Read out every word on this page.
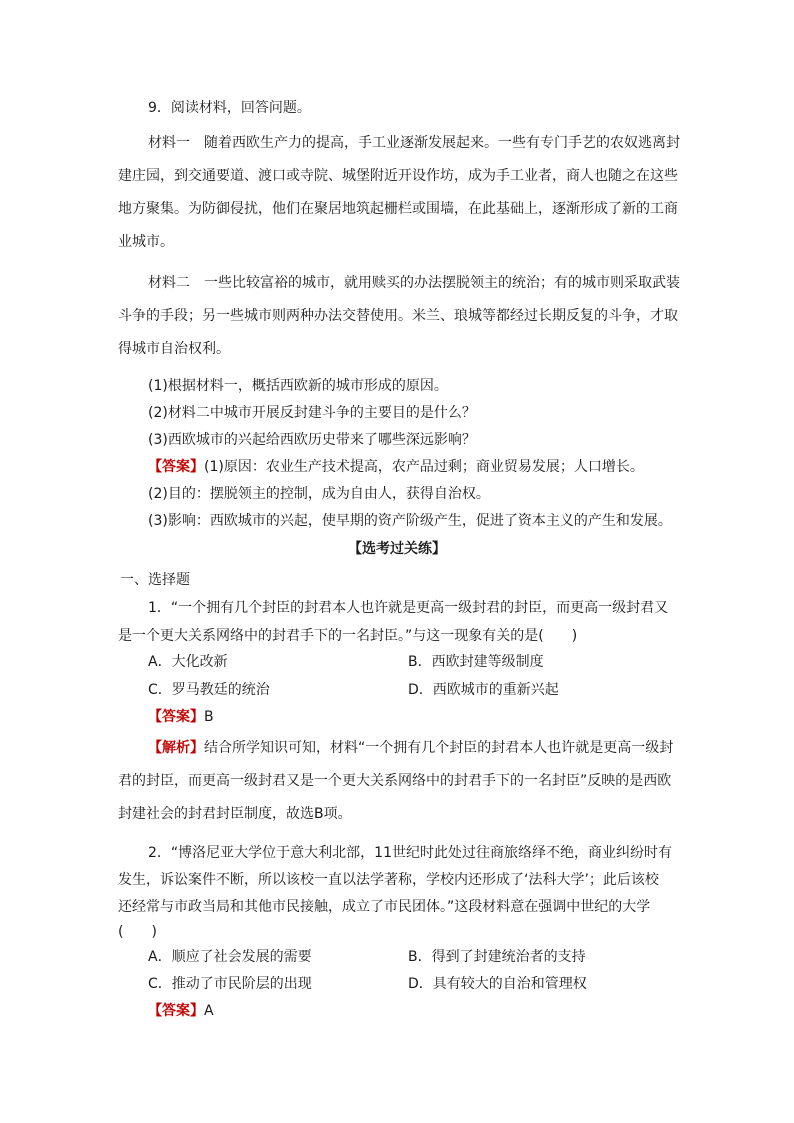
9．阅读材料，回答问题。
材料一　随着西欧生产力的提高，手工业逐渐发展起来。一些有专门手艺的农奴逃离封
建庄园，到交通要道、渡口或寺院、城堡附近开设作坊，成为手工业者，商人也随之在这些
地方聚集。为防御侵扰，他们在聚居地筑起栅栏或围墙，在此基础上，逐渐形成了新的工商
业城市。
材料二　一些比较富裕的城市，就用赎买的办法摆脱领主的统治；有的城市则采取武装
斗争的手段；另一些城市则两种办法交替使用。米兰、琅城等都经过长期反复的斗争，才取
得城市自治权利。
(1)根据材料一，概括西欧新的城市形成的原因。
(2)材料二中城市开展反封建斗争的主要目的是什么？
(3)西欧城市的兴起给西欧历史带来了哪些深远影响？
【答案】(1)原因：农业生产技术提高，农产品过剩；商业贸易发展；人口增长。
(2)目的：摆脱领主的控制，成为自由人，获得自治权。
(3)影响：西欧城市的兴起，使早期的资产阶级产生，促进了资本主义的产生和发展。
【选考过关练】
一、选择题
1．“一个拥有几个封臣的封君本人也许就是更高一级封君的封臣，而更高一级封君又
是一个更大关系网络中的封君手下的一名封臣。”与这一现象有关的是(　　)
A．大化改新	B．西欧封建等级制度
C．罗马教廷的统治	D．西欧城市的重新兴起
【答案】B
【解析】结合所学知识可知，材料“一个拥有几个封臣的封君本人也许就是更高一级封
君的封臣，而更高一级封君又是一个更大关系网络中的封君手下的一名封臣”反映的是西欧
封建社会的封君封臣制度，故选B项。
2．“博洛尼亚大学位于意大利北部，11世纪时此处过往商旅络绎不绝，商业纠纷时有
发生，诉讼案件不断，所以该校一直以法学著称，学校内还形成了‘法科大学’；此后该校
还经常与市政当局和其他市民接触，成立了市民团体。”这段材料意在强调中世纪的大学
(　　)
A．顺应了社会发展的需要	B．得到了封建统治者的支持
C．推动了市民阶层的出现	D．具有较大的自治和管理权
【答案】A
